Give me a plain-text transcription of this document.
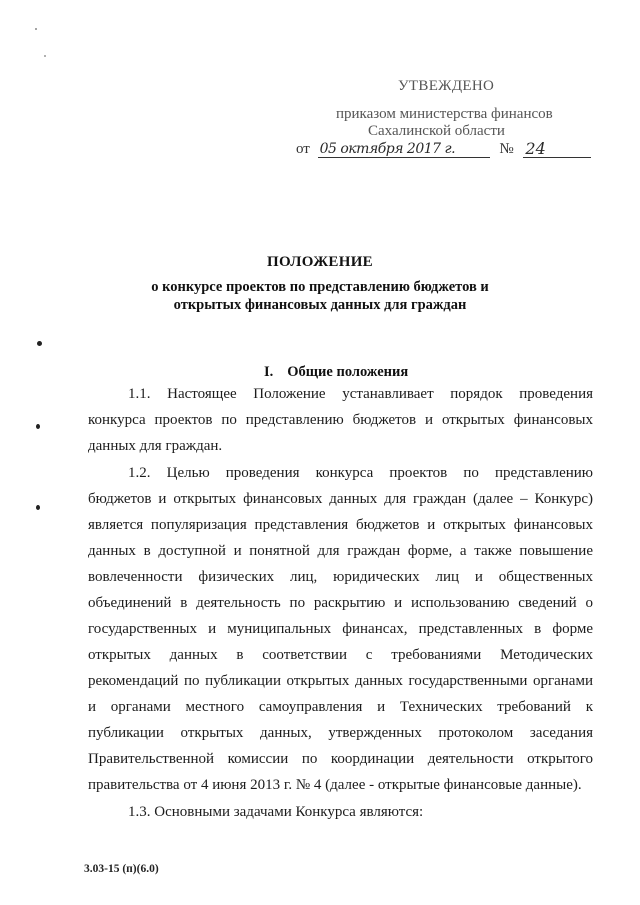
УТВЕЖДЕНО
приказом министерства финансов
Сахалинской области
от 05 октября 2017 г.	№ 24
ПОЛОЖЕНИЕ
о конкурсе проектов по представлению бюджетов и
открытых финансовых данных для граждан
I. Общие положения
1.1. Настоящее Положение устанавливает порядок проведения
конкурса проектов по представлению бюджетов и открытых финансовых
данных для граждан.
1.2. Целью проведения конкурса проектов по представлению
бюджетов и открытых финансовых данных для граждан (далее – Конкурс)
является популяризация представления бюджетов и открытых финансовых
данных в доступной и понятной для граждан форме, а также повышение
вовлеченности физических лиц, юридических лиц и общественных
объединений в деятельность по раскрытию и использованию сведений о
государственных и муниципальных финансах, представленных в форме
открытых данных в соответствии с требованиями Методических
рекомендаций по публикации открытых данных государственными органами
и органами местного самоуправления и Технических требований к
публикации открытых данных, утвержденных протоколом заседания
Правительственной комиссии по координации деятельности открытого
правительства от 4 июня 2013 г. № 4 (далее - открытые финансовые данные).
1.3. Основными задачами Конкурса являются:
3.03-15 (п)(6.0)
